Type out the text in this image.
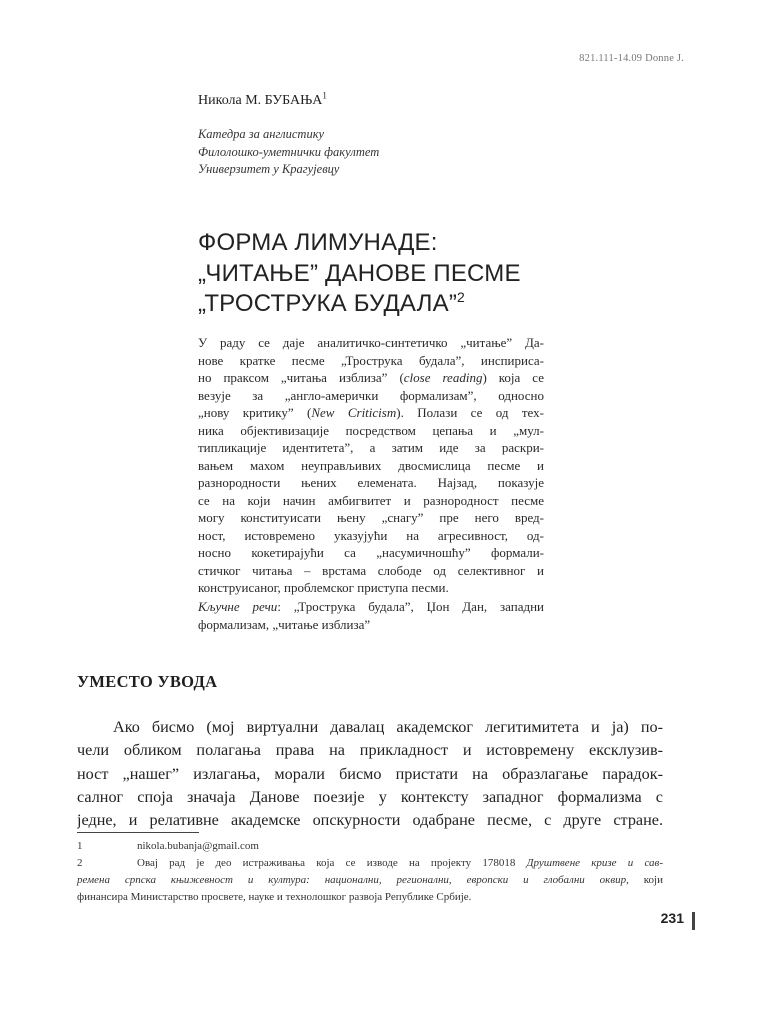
821.111-14.09 Donne J.
Никола М. БУБАЊА$^1$
Катедра за англистику
Филолошко-уметнички факултет
Универзитет у Крагујевцу
ФОРМА ЛИМУНАДЕ:
„ЧИТАЊЕ” ДАНОВЕ ПЕСМЕ
„ТРОСТРУКА БУДАЛА”$^2$
У раду се даје аналитичко-синтетичко „читање” Да-
нове кратке песме „Трострука будала”, инспириса-
но праксом „читања изблиза” (close reading) која се
везује за „англо-амерички формализам”, односно
„нову критику” (New Criticism). Полази се од тех-
ника објективизације посредством цепања и „мул-
типликације идентитета”, а затим иде за раскри-
вањем махом неуправљивих двосмислица песме и
разнородности њених елемената. Најзад, показује
се на који начин амбигвитет и разнородност песме
могу конституисати њену „снагу” пре него вред-
ност, истовремено указујући на агресивност, од-
носно кокетирајући са „насумичношћу” формали-
стичког читања – врстама слободе од селективног и
конструисаног, проблемског приступа песми.
Кључне речи: „Трострука будала”, Џон Дан, западни
формализам, „читање изблиза”
УМЕСТО УВОДА
Ако бисмо (мој виртуални давалац академског легитимитета и ја) по-
чели обликом полагања права на прикладност и истовремену ексклузив-
ност „нашег” излагања, морали бисмо пристати на образлагање парадок-
салног споја значаја Данове поезије у контексту западног формализма с
једне, и релативне академске опскурности одабране песме, с друге стране.
1	nikola.bubanja@gmail.com
2	Овај рад је део истраживања која се изводе на пројекту 178018 Друштвене кризе и сав-
ремена српска књижевност и култура: национални, регионални, европски и глобални оквир, који
финансира Министарство просвете, науке и технолошког развоја Републике Србије.
231
